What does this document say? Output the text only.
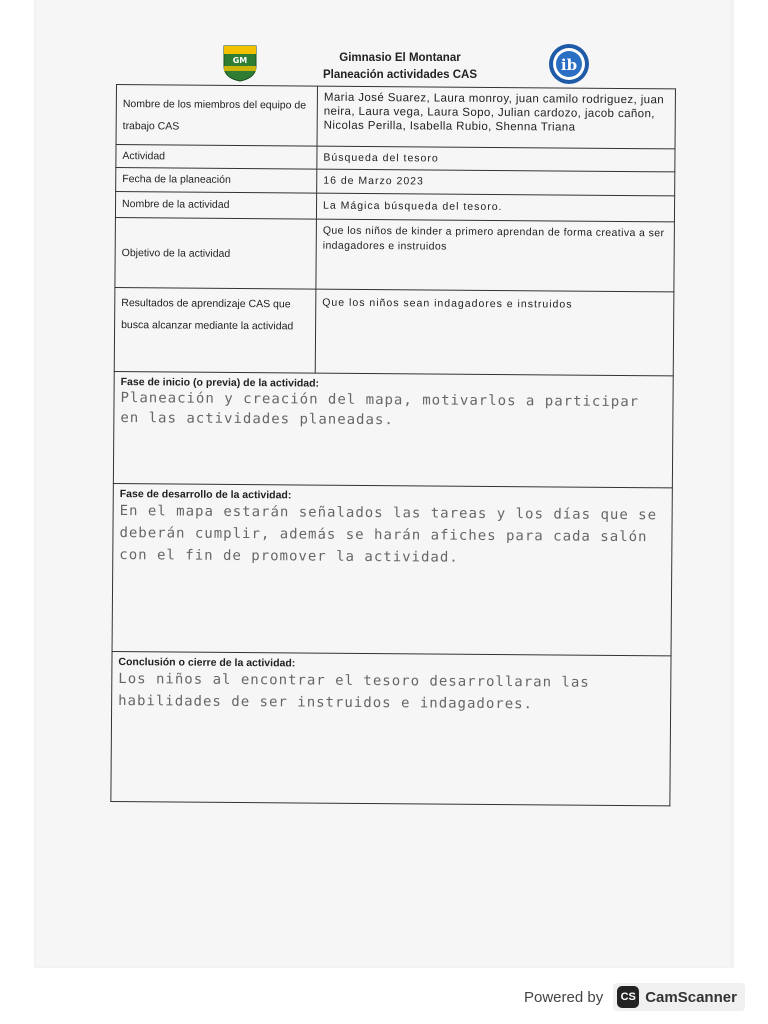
GM	Gimnasio El Montanar
Planeación actividades CAS
ib
Nombre de los miembros del equipo de trabajo CAS	Maria José Suarez, Laura monroy, juan camilo rodriguez, juan neira, Laura vega, Laura Sopo, Julian cardozo, jacob cañon, Nicolas Perilla, Isabella Rubio, Shenna Triana
Actividad	Búsqueda del tesoro
Fecha de la planeación	16 de Marzo 2023
Nombre de la actividad	La Mágica búsqueda del tesoro.
Objetivo de la actividad	Que los niños de kinder a primero aprendan de forma creativa a ser indagadores e instruidos
Resultados de aprendizaje CAS que busca alcanzar mediante la actividad	Que los niños sean indagadores e instruidos

Fase de inicio (o previa) de la actividad:
Planeación y creación del mapa, motivarlos a participar en las actividades planeadas.	

Fase de desarrollo de la actividad:
En el mapa estarán señalados las tareas y los días que se deberán cumplir, además se harán afiches para cada salón con el fin de promover la actividad.	

Conclusión o cierre de la actividad:
Los niños al encontrar el tesoro desarrollaran las habilidades de ser instruidos e indagadores.	
Powered by	CS CamScanner
